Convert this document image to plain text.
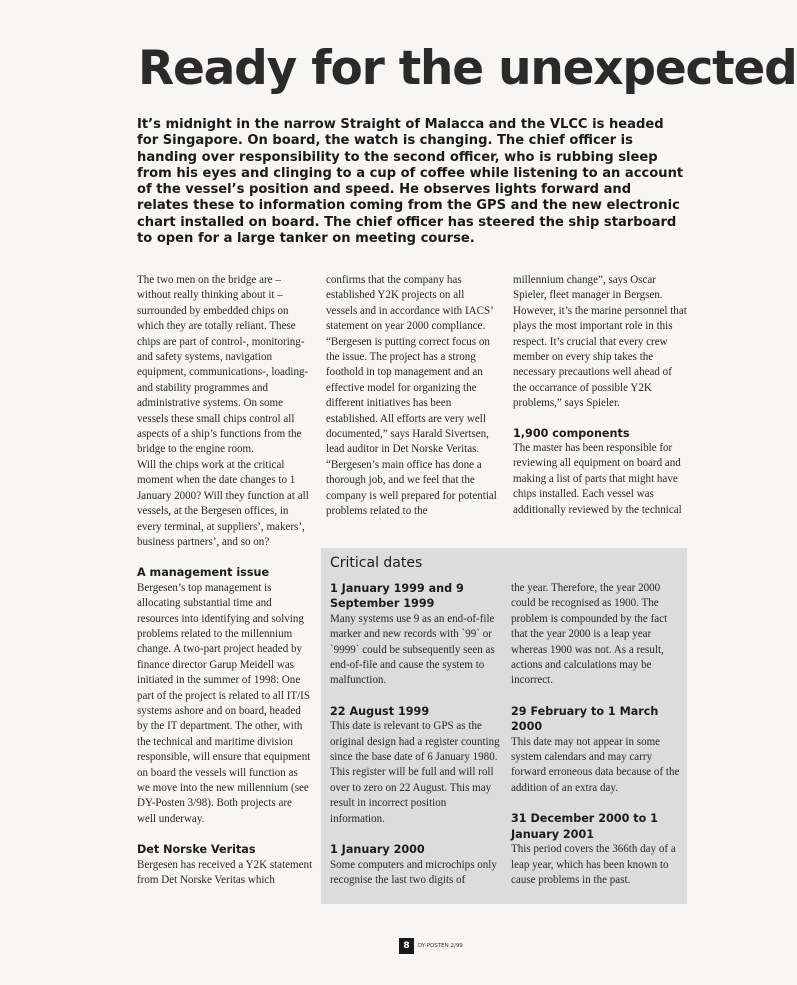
Ready for the unexpected

It’s midnight in the narrow Straight of Malacca and the VLCC is headed for Singapore. On board, the watch is changing. The chief officer is handing over responsibility to the second officer, who is rubbing sleep from his eyes and clinging to a cup of coffee while listening to an account of the vessel’s position and speed. He observes lights forward and relates these to information coming from the GPS and the new electronic chart installed on board. The chief officer has steered the ship starboard to open for a large tanker on meeting course.

The two men on the bridge are – without really thinking about it – surrounded by embedded chips on which they are totally reliant. These chips are part of control-, monitoring- and safety systems, navigation equipment, communications-, loading- and stability programmes and administrative systems. On some vessels these small chips control all aspects of a ship’s functions from the bridge to the engine room.

Will the chips work at the critical moment when the date changes to 1 January 2000? Will they function at all vessels, at the Bergesen offices, in every terminal, at suppliers’, makers’, business partners’, and so on?

A management issue

Bergesen’s top management is allocating substantial time and resources into identifying and solving problems related to the millennium change. A two-part project headed by finance director Garup Meidell was initiated in the summer of 1998: One part of the project is related to all IT/IS systems ashore and on board, headed by the IT department. The other, with the technical and maritime division responsible, will ensure that equipment on board the vessels will function as we move into the new millennium (see DY-Posten 3/98). Both projects are well underway.

Det Norske Veritas

Bergesen has received a Y2K statement from Det Norske Veritas which

confirms that the company has established Y2K projects on all vessels and in accordance with IACS’ statement on year 2000 compliance. “Bergesen is putting correct focus on the issue. The project has a strong foothold in top management and an effective model for organizing the different initiatives has been established. All efforts are very well documented,” says Harald Sivertsen, lead auditor in Det Norske Veritas. “Bergesen’s main office has done a thorough job, and we feel that the company is well prepared for potential problems related to the

millennium change”, says Oscar Spieler, fleet manager in Bergsen. However, it’s the marine personnel that plays the most important role in this respect. It’s crucial that every crew member on every ship takes the necessary precautions well ahead of the occarrance of possible Y2K problems,” says Spieler.

1,900 components

The master has been responsible for reviewing all equipment on board and making a list of parts that might have chips installed. Each vessel was additionally reviewed by the technical

Critical dates
1 January 1999 and 9 September 1999

Many systems use 9 as an end-of-file marker and new records with `99` or `9999` could be subsequently seen as end-of-file and cause the system to malfunction.

22 August 1999

This date is relevant to GPS as the original design had a register counting since the base date of 6 January 1980. This register will be full and will roll over to zero on 22 August. This may result in incorrect position information.

1 January 2000

Some computers and microchips only recognise the last two digits of

the year. Therefore, the year 2000 could be recognised as 1900. The problem is compounded by the fact that the year 2000 is a leap year whereas 1900 was not. As a result, actions and calculations may be incorrect.

29 February to 1 March 2000

This date may not appear in some system calendars and may carry forward erroneous data because of the addition of an extra day.

31 December 2000 to 1 January 2001

This period covers the 366th day of a leap year, which has been known to cause problems in the past.

8	DY-POSTEN 2/99
